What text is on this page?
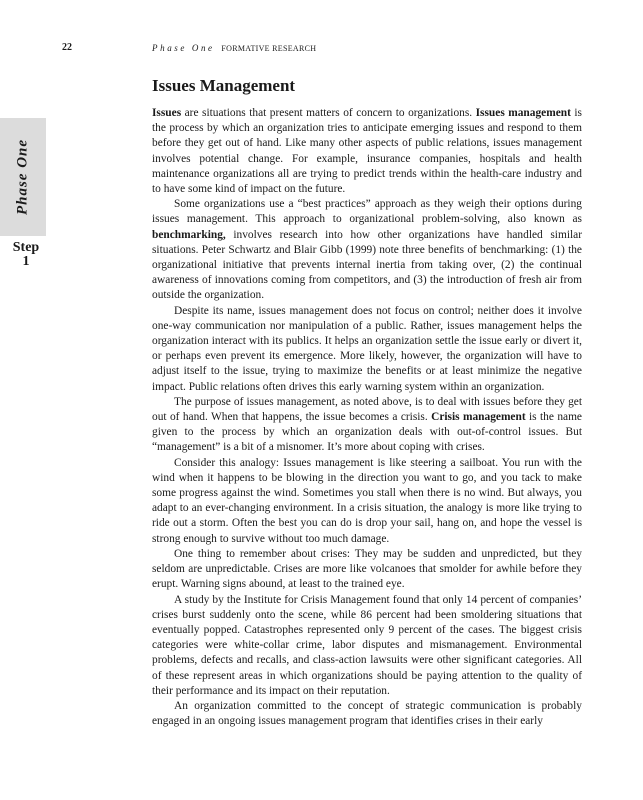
22	Phase One FORMATIVE RESEARCH
Phase One
Step
1
Issues Management

Issues are situations that present matters of concern to organizations. Issues management is the process by which an organization tries to anticipate emerging issues and respond to them before they get out of hand. Like many other aspects of public relations, issues management involves potential change. For example, insurance companies, hospitals and health maintenance organizations all are trying to predict trends within the health-care industry and to have some kind of impact on the future.

Some organizations use a “best practices” approach as they weigh their options during issues management. This approach to organizational problem-solving, also known as benchmarking, involves research into how other organizations have handled similar situations. Peter Schwartz and Blair Gibb (1999) note three benefits of benchmarking: (1) the organizational initiative that prevents internal inertia from taking over, (2) the continual awareness of innovations coming from competitors, and (3) the introduction of fresh air from outside the organization.

Despite its name, issues management does not focus on control; neither does it involve one-way communication nor manipulation of a public. Rather, issues management helps the organization interact with its publics. It helps an organization settle the issue early or divert it, or perhaps even prevent its emergence. More likely, however, the organization will have to adjust itself to the issue, trying to maximize the benefits or at least minimize the negative impact. Public relations often drives this early warning system within an organization.

The purpose of issues management, as noted above, is to deal with issues before they get out of hand. When that happens, the issue becomes a crisis. Crisis management is the name given to the process by which an organization deals with out-of-control issues. But “management” is a bit of a misnomer. It’s more about coping with crises.

Consider this analogy: Issues management is like steering a sailboat. You run with the wind when it happens to be blowing in the direction you want to go, and you tack to make some progress against the wind. Sometimes you stall when there is no wind. But always, you adapt to an ever-changing environment. In a crisis situation, the analogy is more like trying to ride out a storm. Often the best you can do is drop your sail, hang on, and hope the vessel is strong enough to survive without too much damage.

One thing to remember about crises: They may be sudden and unpredicted, but they seldom are unpredictable. Crises are more like volcanoes that smolder for awhile before they erupt. Warning signs abound, at least to the trained eye.

A study by the Institute for Crisis Management found that only 14 percent of companies’ crises burst suddenly onto the scene, while 86 percent had been smoldering situations that eventually popped. Catastrophes represented only 9 percent of the cases. The biggest crisis categories were white-collar crime, labor disputes and mismanagement. Environmental problems, defects and recalls, and class-action lawsuits were other significant categories. All of these represent areas in which organizations should be paying attention to the quality of their performance and its impact on their reputation.

An organization committed to the concept of strategic communication is probably engaged in an ongoing issues management program that identifies crises in their early
